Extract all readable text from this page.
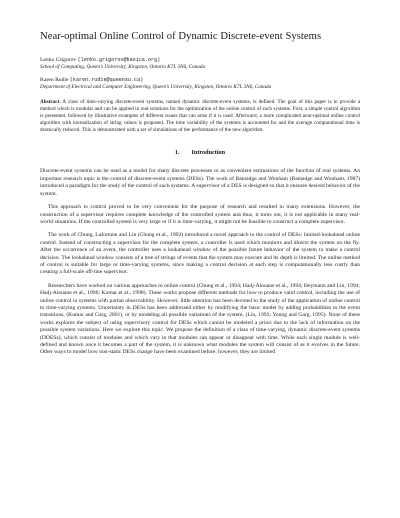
Near-optimal Online Control of Dynamic Discrete-event Systems
Lenko Grigorov (lenko.grigorov@banica.org)
School of Computing, Queen’s University, Kingston, Ontario K7L 3N6, Canada
Karen Rudie (karen.rudie@queensu.ca)
Department of Electrical and Computer Engineering, Queen’s University, Kingston, Ontario K7L 3N6, Canada
Abstract. A class of time-varying discrete-event systems, named dynamic discrete-event systems, is defined. The goal of this paper is to provide a method which is modular and can be applied in real solutions for the optimization of the online control of such systems. First, a simple control algorithm is presented, followed by illustrative examples of different issues that can arise if it is used. Afterward, a more complicated near-optimal online control algorithm with normalization of string values is proposed. The time variability of the systems is accounted for and the average computational time is drastically reduced. This is demonstrated with a set of simulations of the performance of the new algorithm.
1. Introduction

Discrete-event systems can be used as a model for many discrete processes or as convenient estimations of the function of real systems. An important research topic is the control of discrete-event systems (DESs). The work of Ramadge and Wonham (Ramadge and Wonham, 1987) introduced a paradigm for the study of the control of such systems. A supervisor of a DES is designed so that it ensures desired behavior of the system.

This approach to control proved to be very convenient for the purpose of research and resulted in many extensions. However, the construction of a supervisor requires complete knowledge of the controlled system and thus, it turns out, it is not applicable in many real-world situations. If the controlled system is very large or if it is time-varying, it might not be feasible to construct a complete supervisor.

The work of Chung, Lafortune and Lin (Chung et al., 1992) introduced a novel approach to the control of DESs: limited-lookahead online control. Instead of constructing a supervisor for the complete system, a controller is used which monitors and directs the system on the fly. After the occurrence of an event, the controller uses a lookahead window of the possible future behavior of the system to make a control decision. The lookahead window consists of a tree of strings of events that the system may execute and its depth is limited. The online method of control is suitable for large or time-varying systems, since making a control decision at each step is computationally less costly than creating a full-scale off-line supervisor.

Researchers have worked on various approaches to online control (Chung et al., 1994; Hadj-Alouane et al., 1994; Heymann and Lin, 1994; Hadj-Alouane et al., 1996; Kumar et al., 1998). These works propose different methods for how to produce valid control, including the use of online control in systems with partial observability. However, little attention has been devoted to the study of the application of online control to time-varying systems. Uncertainty in DESs has been addressed either by modifying the basic model by adding probabilities to the event transitions, (Kumar and Garg, 2001), or by modeling all possible variations of the system, (Lin, 1993; Young and Garg, 1995). None of these works explores the subject of using supervisory control for DESs which cannot be modeled a priori due to the lack of information on the possible system variations. Here we explore this topic. We propose the definition of a class of time-varying, dynamic discrete-event systems (DDESs), which consist of modules and which vary in that modules can appear or disappear with time. While each single module is well-defined and known once it becomes a part of the system, it is unknown what modules the system will consist of as it evolves in the future. Other ways to model how non-static DESs change have been examined before, however, they are limited
